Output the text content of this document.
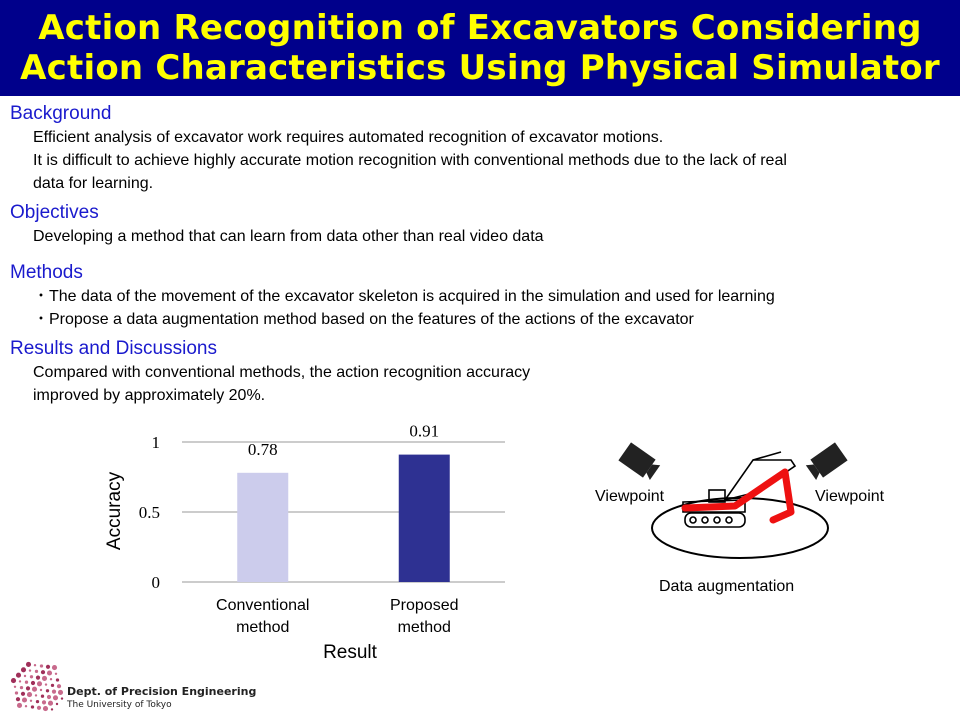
Action Recognition of Excavators Considering
Action Characteristics Using Physical Simulator
Background
Efficient analysis of excavator work requires automated recognition of excavator motions.
It is difficult to achieve highly accurate motion recognition with conventional methods due to the lack of real
data for learning.
Objectives
Developing a method that can learn from data other than real video data
Methods
・The data of the movement of the excavator skeleton is acquired in the simulation and used for learning
・Propose a data augmentation method based on the features of the actions of the excavator
Results and Discussions
Compared with conventional methods, the action recognition accuracy
improved by approximately 20%.
0
0.5
1	0.78
Conventional
method
0.91
Proposed
method
Accuracy
Result
Viewpoint	Viewpoint
Data augmentation
Dept. of Precision Engineering
The University of Tokyo
